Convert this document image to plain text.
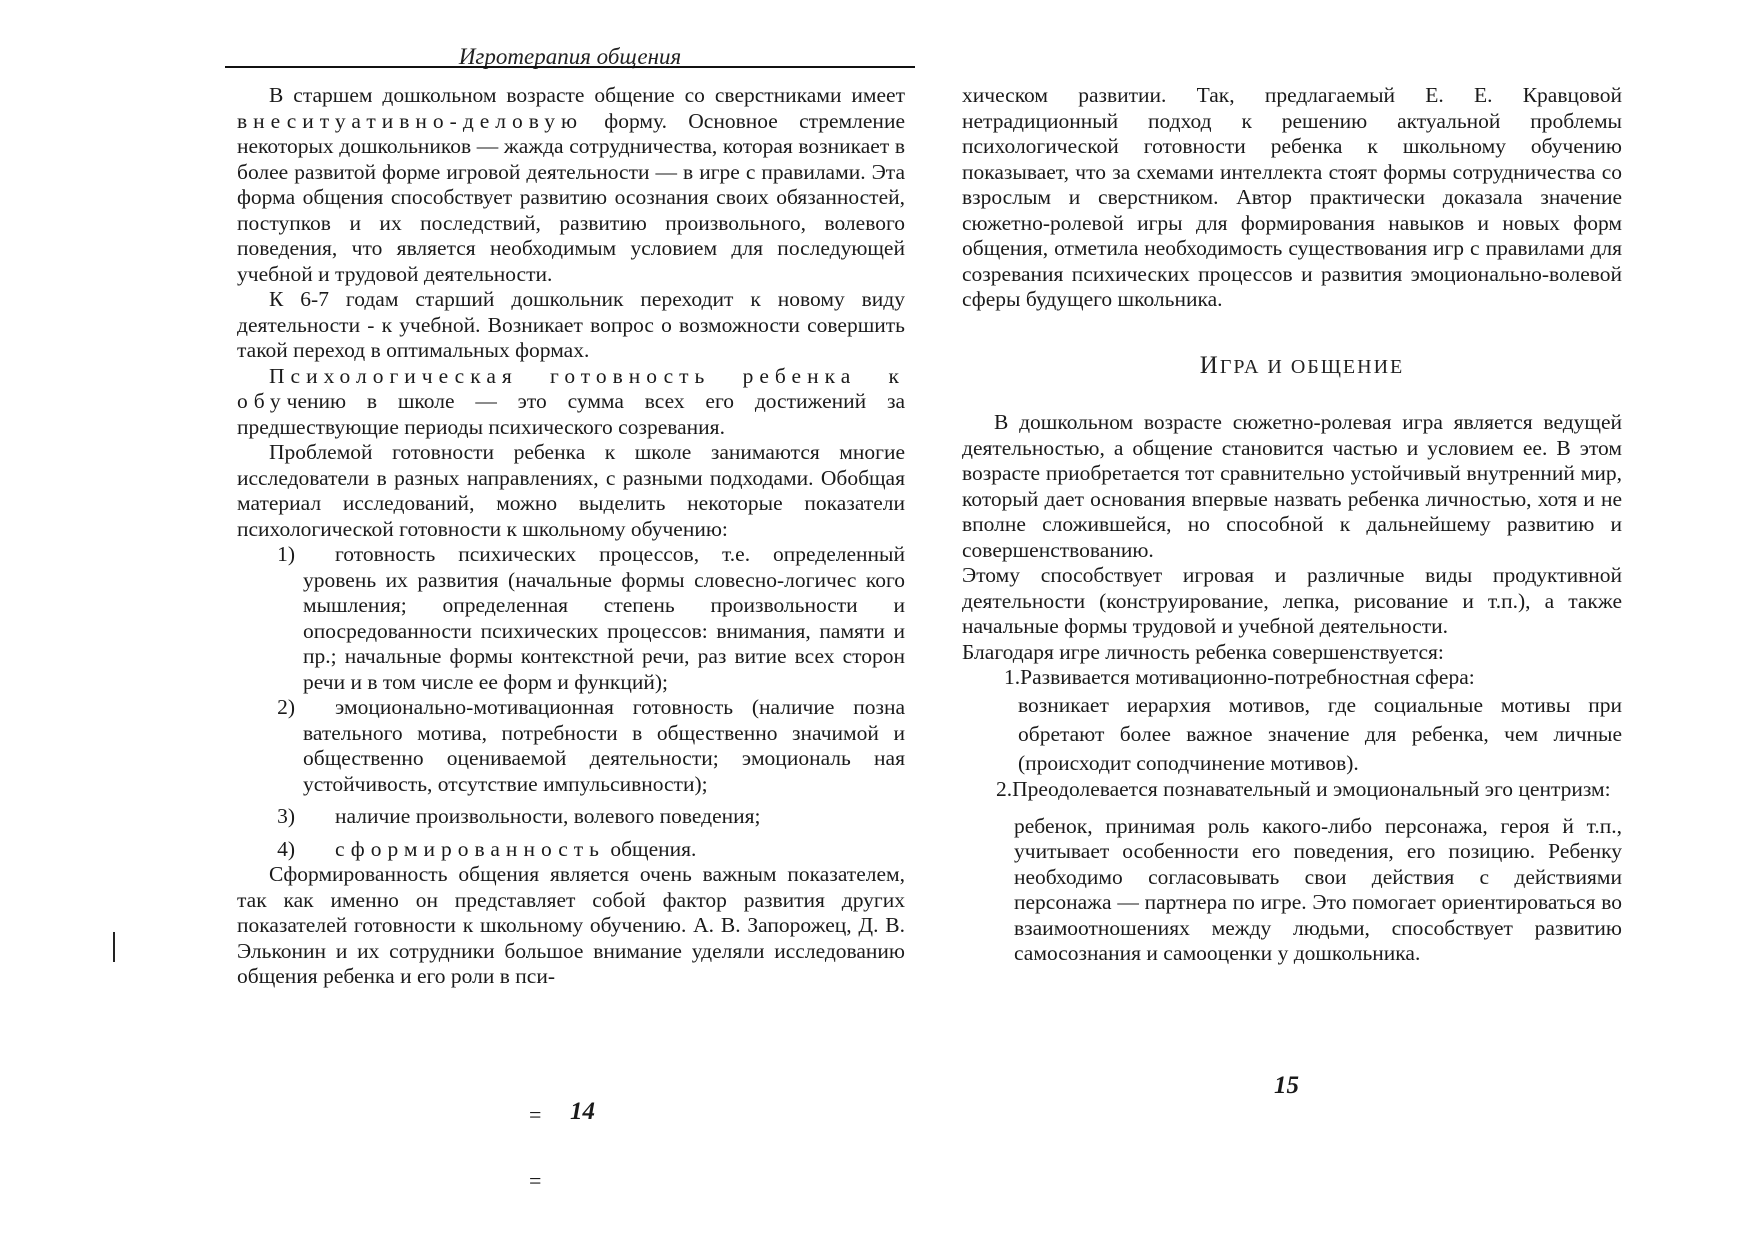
Игротерапия общения

В старшем дошкольном возрасте общение со сверстниками имеет внеситуативно-деловую форму. Основное стремление некоторых дошкольников — жажда сотрудничества, которая возникает в более развитой форме игровой деятельности — в игре с правилами. Эта форма общения способствует развитию осознания своих обязанностей, поступков и их последствий, развитию произвольного, волевого поведения, что является необходимым условием для последующей учебной и трудовой деятельности.

К 6-7 годам старший дошкольник переходит к новому виду деятельности - к учебной. Возникает вопрос о возможности совершить такой переход в оптимальных формах.

Психологическая готовность ребенка к обучению в школе — это сумма всех его достижений за предшествующие периоды психического созревания.

Проблемой готовности ребенка к школе занимаются многие исследователи в разных направлениях, с разными подходами. Обобщая материал исследований, можно выделить некоторые показатели психологической готовности к школьному обучению:

1) готовность психических процессов, т.е. определенный уровень их развития (начальные формы словесно-логичес кого мышления; определенная степень произвольности и опосредованности психических процессов: внимания, памяти и пр.; начальные формы контекстной речи, раз витие всех сторон речи и в том числе ее форм и функций);

2) эмоционально-мотивационная готовность (наличие позна вательного мотива, потребности в общественно значимой и общественно оцениваемой деятельности; эмоциональ ная устойчивость, отсутствие импульсивности);

3) наличие произвольности, волевого поведения;

4) сформированность общения.

Сформированность общения является очень важным показателем, так как именно он представляет собой фактор развития других показателей готовности к школьному обучению. А. В. Запорожец, Д. В. Эльконин и их сотрудники большое внимание уделяли исследованию общения ребенка и его роли в пси-

= 14
=

хическом развитии. Так, предлагаемый Е. Е. Кравцовой нетрадиционный подход к решению актуальной проблемы психологической готовности ребенка к школьному обучению показывает, что за схемами интеллекта стоят формы сотрудничества со взрослым и сверстником. Автор практически доказала значение сюжетно-ролевой игры для формирования навыков и новых форм общения, отметила необходимость существования игр с правилами для созревания психических процессов и развития эмоционально-волевой сферы будущего школьника.

ИГРА И ОБЩЕНИЕ

В дошкольном возрасте сюжетно-ролевая игра является ведущей деятельностью, а общение становится частью и условием ее. В этом возрасте приобретается тот сравнительно устойчивый внутренний мир, который дает основания впервые назвать ребенка личностью, хотя и не вполне сложившейся, но способной к дальнейшему развитию и совершенствованию.

Этому способствует игровая и различные виды продуктивной деятельности (конструирование, лепка, рисование и т.п.), а также начальные формы трудовой и учебной деятельности.

Благодаря игре личность ребенка совершенствуется:

1.Развивается мотивационно-потребностная сфера:

возникает иерархия мотивов, где социальные мотивы при обретают более важное значение для ребенка, чем личные (происходит соподчинение мотивов).

2.Преодолевается познавательный и эмоциональный эго центризм:

ребенок, принимая роль какого-либо персонажа, героя й т.п., учитывает особенности его поведения, его позицию. Ребенку необходимо согласовывать свои действия с действиями персонажа — партнера по игре. Это помогает ориентироваться во взаимоотношениях между людьми, способствует развитию самосознания и самооценки у дошкольника.

15
